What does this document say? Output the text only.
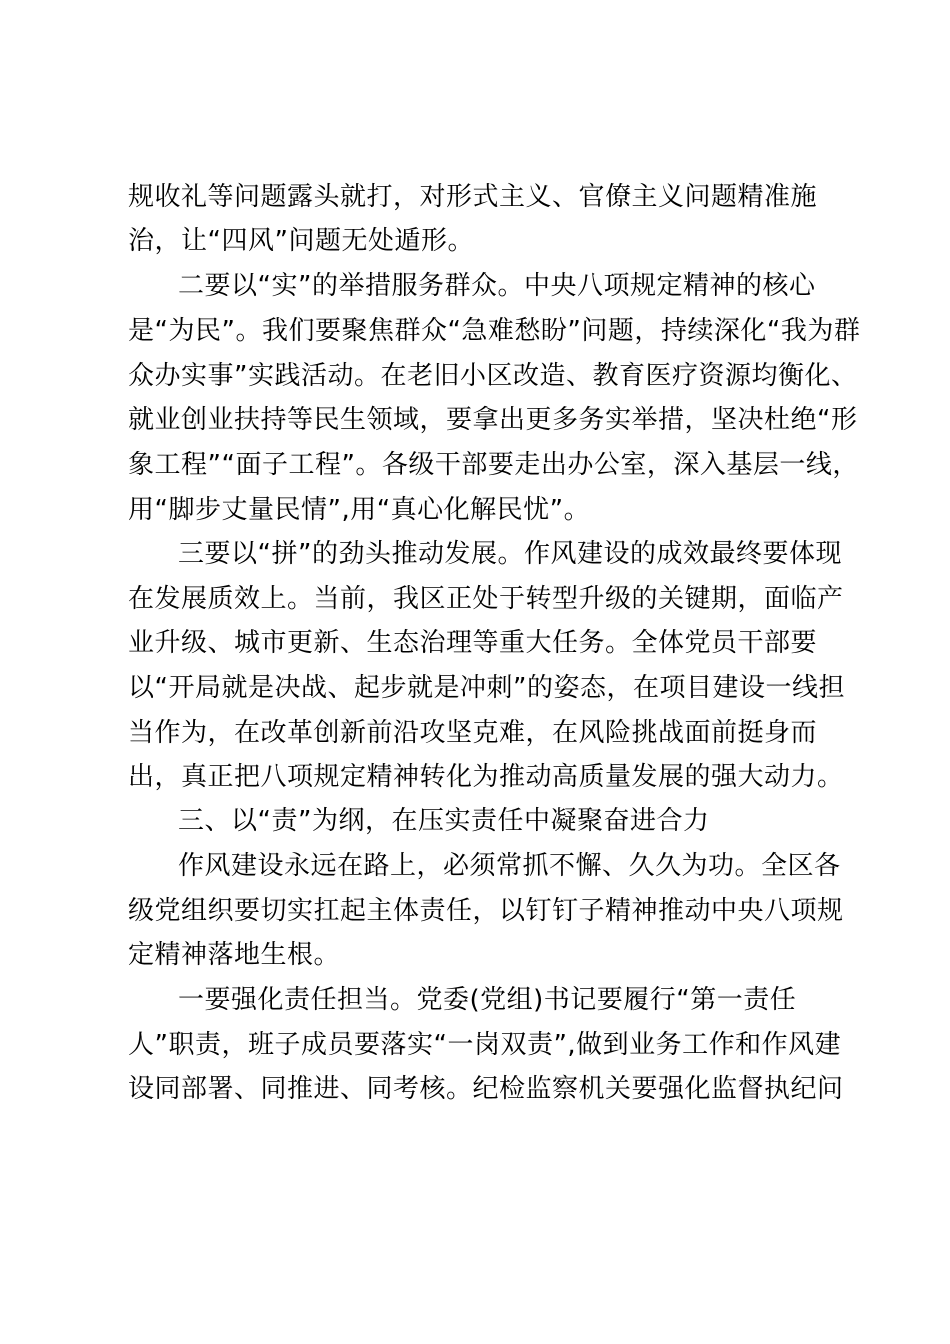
规收礼等问题露头就打，对形式主义、官僚主义问题精准施
治，让“四风”问题无处遁形。
二要以“实”的举措服务群众。中央八项规定精神的核心
是“为民”。我们要聚焦群众“急难愁盼”问题，持续深化“我为群
众办实事”实践活动。在老旧小区改造、教育医疗资源均衡化、
就业创业扶持等民生领域，要拿出更多务实举措，坚决杜绝“形
象工程”“面子工程”。各级干部要走出办公室，深入基层一线，
用“脚步丈量民情”,用“真心化解民忧”。
三要以“拼”的劲头推动发展。作风建设的成效最终要体现
在发展质效上。当前，我区正处于转型升级的关键期，面临产
业升级、城市更新、生态治理等重大任务。全体党员干部要
以“开局就是决战、起步就是冲刺”的姿态，在项目建设一线担
当作为，在改革创新前沿攻坚克难，在风险挑战面前挺身而
出，真正把八项规定精神转化为推动高质量发展的强大动力。
三、以“责”为纲，在压实责任中凝聚奋进合力
作风建设永远在路上，必须常抓不懈、久久为功。全区各
级党组织要切实扛起主体责任，以钉钉子精神推动中央八项规
定精神落地生根。
一要强化责任担当。党委(党组)书记要履行“第一责任
人”职责，班子成员要落实“一岗双责”,做到业务工作和作风建
设同部署、同推进、同考核。纪检监察机关要强化监督执纪问
